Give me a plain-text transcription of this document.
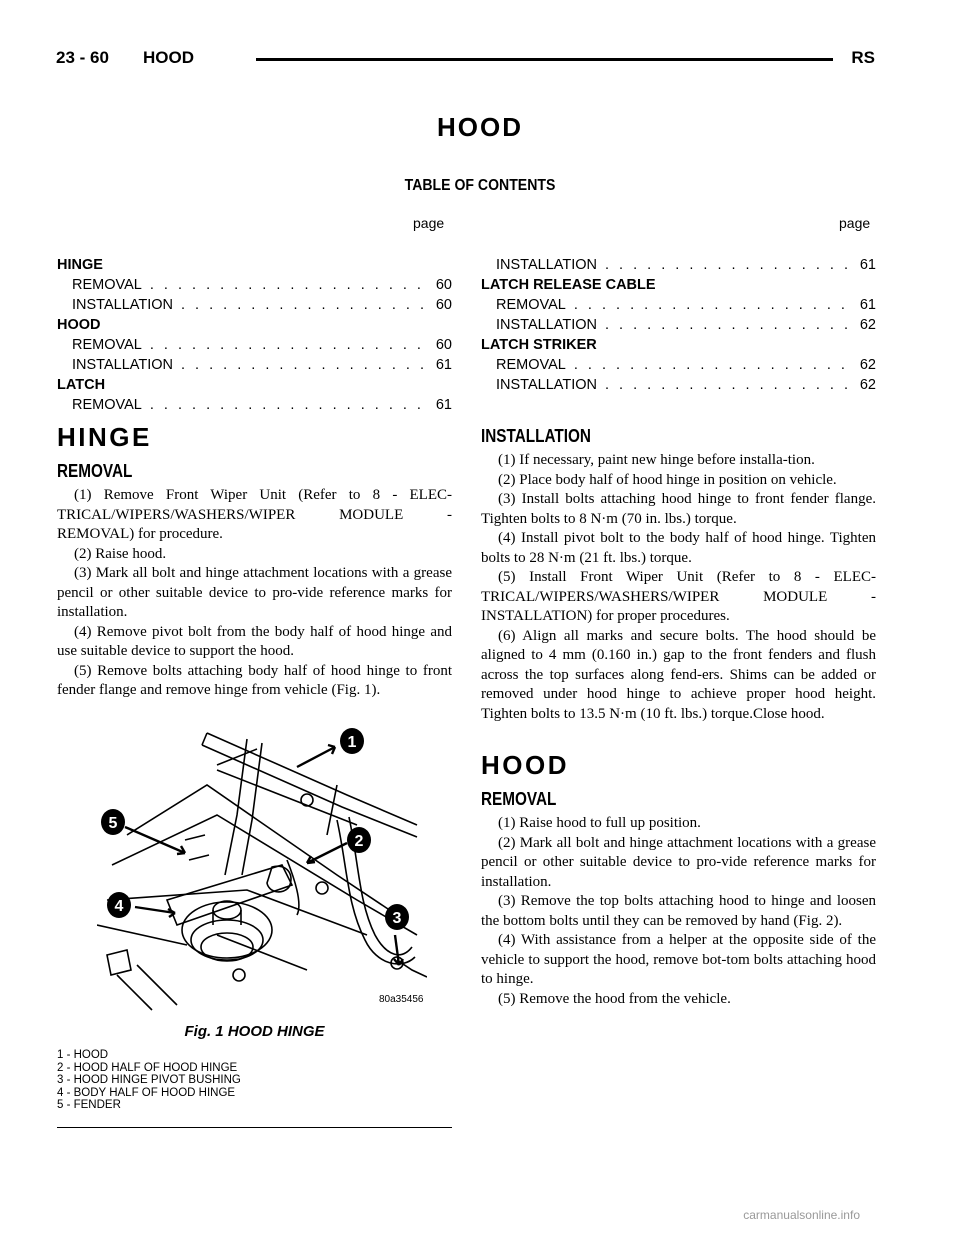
23 - 60 HOOD	RS
HOOD
TABLE OF CONTENTS
page	page
HINGE
REMOVAL . . .	60
INSTALLATION . . .	60
HOOD
REMOVAL . . .	60
INSTALLATION . . .	61
LATCH
REMOVAL . . .	61
INSTALLATION . . .	61
LATCH RELEASE CABLE
REMOVAL . . .	61
INSTALLATION . . .	62
LATCH STRIKER
REMOVAL . . .	62
INSTALLATION . . .	62
HINGE
REMOVAL

(1) Remove Front Wiper Unit (Refer to 8 - ELEC-TRICAL/WIPERS/WASHERS/WIPER MODULE - REMOVAL) for procedure.

(2) Raise hood.

(3) Mark all bolt and hinge attachment locations with a grease pencil or other suitable device to pro-vide reference marks for installation.

(4) Remove pivot bolt from the body half of hood hinge and use suitable device to support the hood.

(5) Remove bolts attaching body half of hood hinge to front fender flange and remove hinge from vehicle (Fig. 1).

1
2
3
4
5
80a35456
Fig. 1 HOOD HINGE
1 - HOOD
2 - HOOD HALF OF HOOD HINGE
3 - HOOD HINGE PIVOT BUSHING
4 - BODY HALF OF HOOD HINGE
5 - FENDER
INSTALLATION

(1) If necessary, paint new hinge before installa-tion.

(2) Place body half of hood hinge in position on vehicle.

(3) Install bolts attaching hood hinge to front fender flange. Tighten bolts to 8 N·m (70 in. lbs.) torque.

(4) Install pivot bolt to the body half of hood hinge. Tighten bolts to 28 N·m (21 ft. lbs.) torque.

(5) Install Front Wiper Unit (Refer to 8 - ELEC-TRICAL/WIPERS/WASHERS/WIPER MODULE - INSTALLATION) for proper procedures.

(6) Align all marks and secure bolts. The hood should be aligned to 4 mm (0.160 in.) gap to the front fenders and flush across the top surfaces along fend-ers. Shims can be added or removed under hood hinge to achieve proper hood height. Tighten bolts to 13.5 N·m (10 ft. lbs.) torque.Close hood.

HOOD
REMOVAL

(1) Raise hood to full up position.

(2) Mark all bolt and hinge attachment locations with a grease pencil or other suitable device to pro-vide reference marks for installation.

(3) Remove the top bolts attaching hood to hinge and loosen the bottom bolts until they can be removed by hand (Fig. 2).

(4) With assistance from a helper at the opposite side of the vehicle to support the hood, remove bot-tom bolts attaching hood to hinge.

(5) Remove the hood from the vehicle.

carmanualsonline.info
